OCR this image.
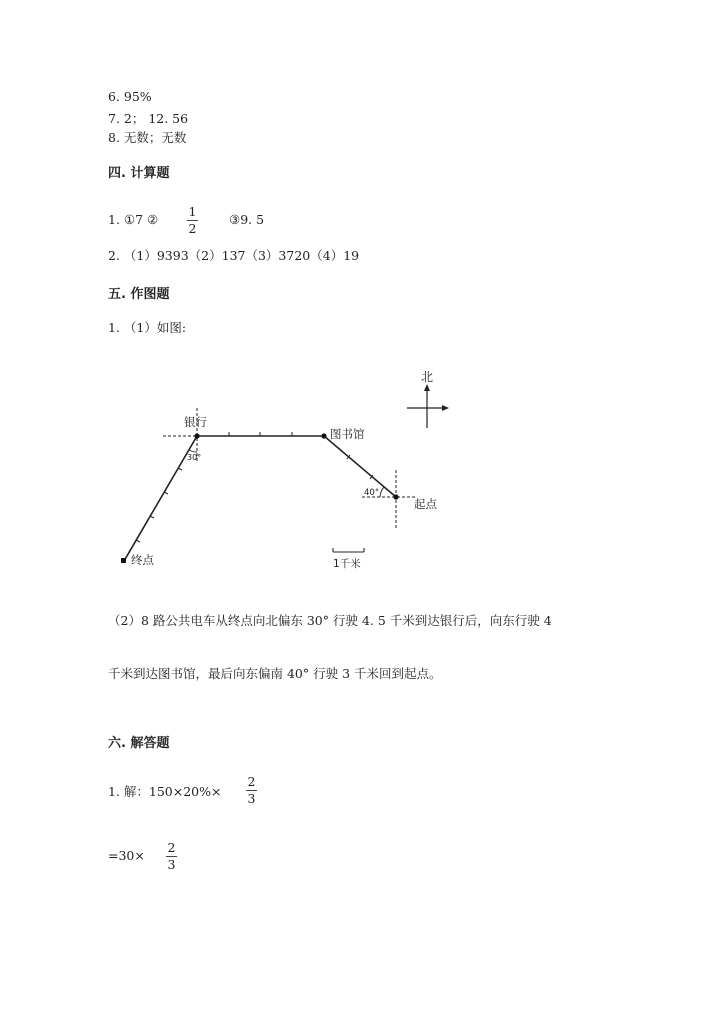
6. 95%
7. 2； 12. 56
8. 无数；无数
四. 计算题
1. ①7 ②
1
2
③9. 5
2. （1）9393（2）137（3）3720（4）19
五. 作图题
1. （1）如图:
北
银行
图书馆
起点
终点
30°
40°
1千米
（2）8 路公共电车从终点向北偏东 30° 行驶 4. 5 千米到达银行后，向东行驶 4
千米到达图书馆，最后向东偏南 40° 行驶 3 千米回到起点。
六. 解答题
1. 解：150×20%×
2
3
=30×
2
3
